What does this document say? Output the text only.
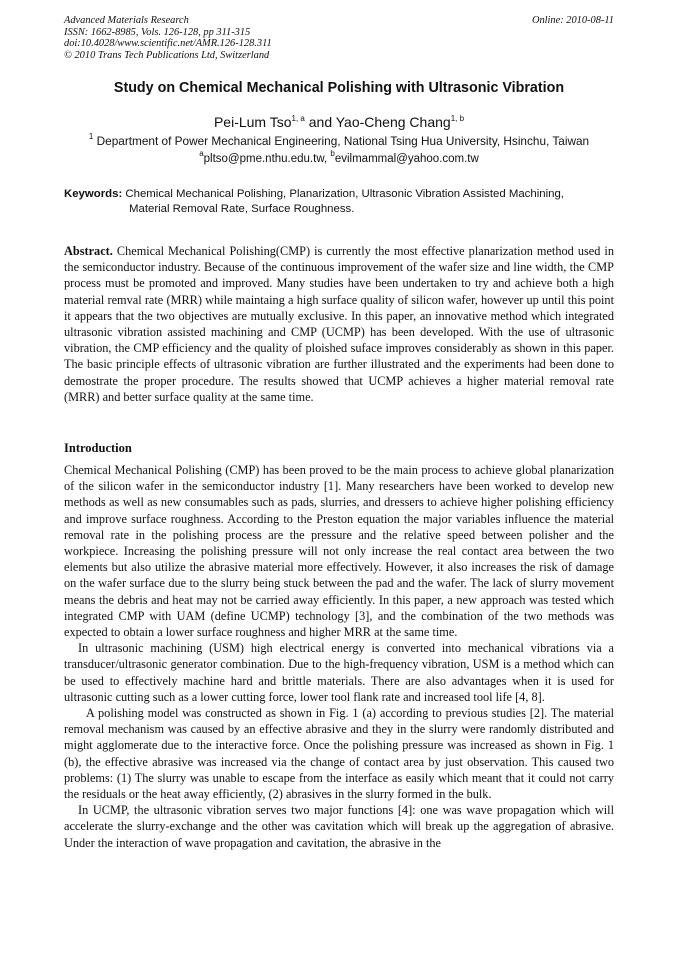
Advanced Materials Research
ISSN: 1662-8985, Vols. 126-128, pp 311-315
doi:10.4028/www.scientific.net/AMR.126-128.311
© 2010 Trans Tech Publications Ltd, Switzerland
Online: 2010-08-11
Study on Chemical Mechanical Polishing with Ultrasonic Vibration
Pei-Lum Tso$^{1, a}$ and Yao-Cheng Chang$^{1, b}$
$^1$ Department of Power Mechanical Engineering, National Tsing Hua University, Hsinchu, Taiwan
$^a$pltso@pme.nthu.edu.tw, $^b$evilmammal@yahoo.com.tw
Keywords: Chemical Mechanical Polishing, Planarization, Ultrasonic Vibration Assisted Machining,
Material Removal Rate, Surface Roughness.
Abstract. Chemical Mechanical Polishing(CMP) is currently the most effective planarization method used in the semiconductor industry. Because of the continuous improvement of the wafer size and line width, the CMP process must be promoted and improved. Many studies have been undertaken to try and achieve both a high material remval rate (MRR) while maintaing a high surface quality of silicon wafer, however up until this point it appears that the two objectives are mutually exclusive. In this paper, an innovative method which integrated ultrasonic vibration assisted machining and CMP (UCMP) has been developed. With the use of ultrasonic vibration, the CMP efficiency and the quality of ploished suface improves considerably as shown in this paper. The basic principle effects of ultrasonic vibration are further illustrated and the experiments had been done to demostrate the proper procedure. The results showed that UCMP achieves a higher material removal rate (MRR) and better surface quality at the same time.
Introduction

Chemical Mechanical Polishing (CMP) has been proved to be the main process to achieve global planarization of the silicon wafer in the semiconductor industry [1]. Many researchers have been worked to develop new methods as well as new consumables such as pads, slurries, and dressers to achieve higher polishing efficiency and improve surface roughness. According to the Preston equation the major variables influence the material removal rate in the polishing process are the pressure and the relative speed between polisher and the workpiece. Increasing the polishing pressure will not only increase the real contact area between the two elements but also utilize the abrasive material more effectively. However, it also increases the risk of damage on the wafer surface due to the slurry being stuck between the pad and the wafer. The lack of slurry movement means the debris and heat may not be carried away efficiently. In this paper, a new approach was tested which integrated CMP with UAM (define UCMP) technology [3], and the combination of the two methods was expected to obtain a lower surface roughness and higher MRR at the same time.

In ultrasonic machining (USM) high electrical energy is converted into mechanical vibrations via a transducer/ultrasonic generator combination. Due to the high-frequency vibration, USM is a method which can be used to effectively machine hard and brittle materials. There are also advantages when it is used for ultrasonic cutting such as a lower cutting force, lower tool flank rate and increased tool life [4, 8].

A polishing model was constructed as shown in Fig. 1 (a) according to previous studies [2]. The material removal mechanism was caused by an effective abrasive and they in the slurry were randomly distributed and might agglomerate due to the interactive force. Once the polishing pressure was increased as shown in Fig. 1 (b), the effective abrasive was increased via the change of contact area by just observation. This caused two problems: (1) The slurry was unable to escape from the interface as easily which meant that it could not carry the residuals or the heat away efficiently, (2) abrasives in the slurry formed in the bulk.

In UCMP, the ultrasonic vibration serves two major functions [4]: one was wave propagation which will accelerate the slurry-exchange and the other was cavitation which will break up the aggregation of abrasive. Under the interaction of wave propagation and cavitation, the abrasive in the
